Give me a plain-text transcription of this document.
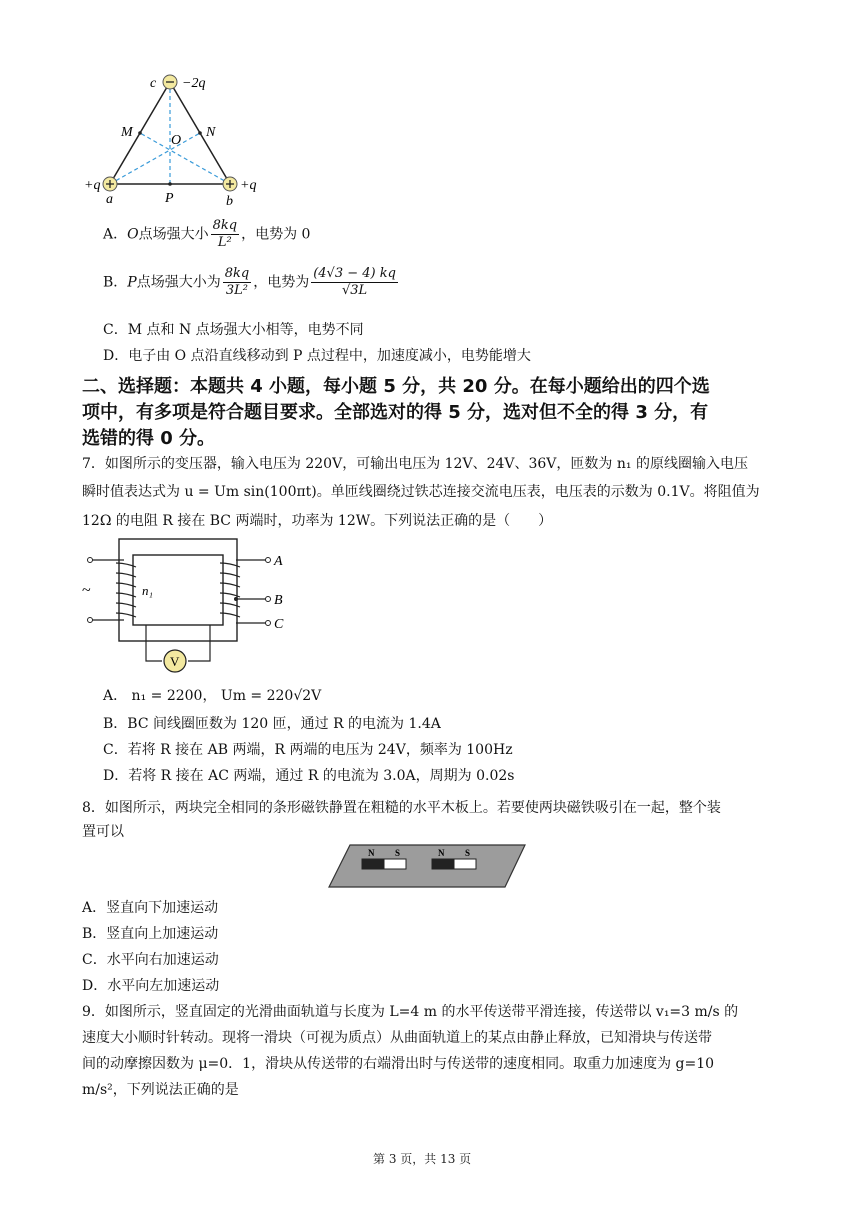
c −2q
M	N
O
+q	+q
a	P	b
A．O点场强大小 $\frac{8kq}{\text{L²}}$ ，电势为 0
B．P点场强大小为 $\frac{8kq}{\text{3L²}}$ ，电势为 $\frac{(4√3 - 4) kq}{√3L}$
C．M 点和 N 点场强大小相等，电势不同
D．电子由 O 点沿直线移动到 P 点过程中，加速度减小，电势能增大
二、选择题：本题共 4 小题，每小题 5 分，共 20 分。在每小题给出的四个选
项中，有多项是符合题目要求。全部选对的得 5 分，选对但不全的得 3 分，有
选错的得 0 分。
7．如图所示的变压器，输入电压为 220V，可输出电压为 12V、24V、36V，匝数为 n₁ 的原线圈输入电压
瞬时值表达式为 u = Um sin(100πt)。单匝线圈绕过铁芯连接交流电压表，电压表的示数为 0.1V。将阻值为
12Ω 的电阻 R 接在 BC 两端时，功率为 12W。下列说法正确的是（　　）
~	n₁
A
B
C
V
A． n₁ = 2200， Um = 220√2V
B．BC 间线圈匝数为 120 匝，通过 R 的电流为 1.4A
C．若将 R 接在 AB 两端，R 两端的电压为 24V，频率为 100Hz
D．若将 R 接在 AC 两端，通过 R 的电流为 3.0A，周期为 0.02s
8．如图所示，两块完全相同的条形磁铁静置在粗糙的水平木板上。若要使两块磁铁吸引在一起，整个装
置可以
N S	N S
A．竖直向下加速运动
B．竖直向上加速运动
C．水平向右加速运动
D．水平向左加速运动
9．如图所示，竖直固定的光滑曲面轨道与长度为 L=4 m 的水平传送带平滑连接，传送带以 v₁=3 m/s 的
速度大小顺时针转动。现将一滑块（可视为质点）从曲面轨道上的某点由静止释放，已知滑块与传送带
间的动摩擦因数为 μ=0．1，滑块从传送带的右端滑出时与传送带的速度相同。取重力加速度为 g=10
m/s²，下列说法正确的是
第 3 页，共 13 页
